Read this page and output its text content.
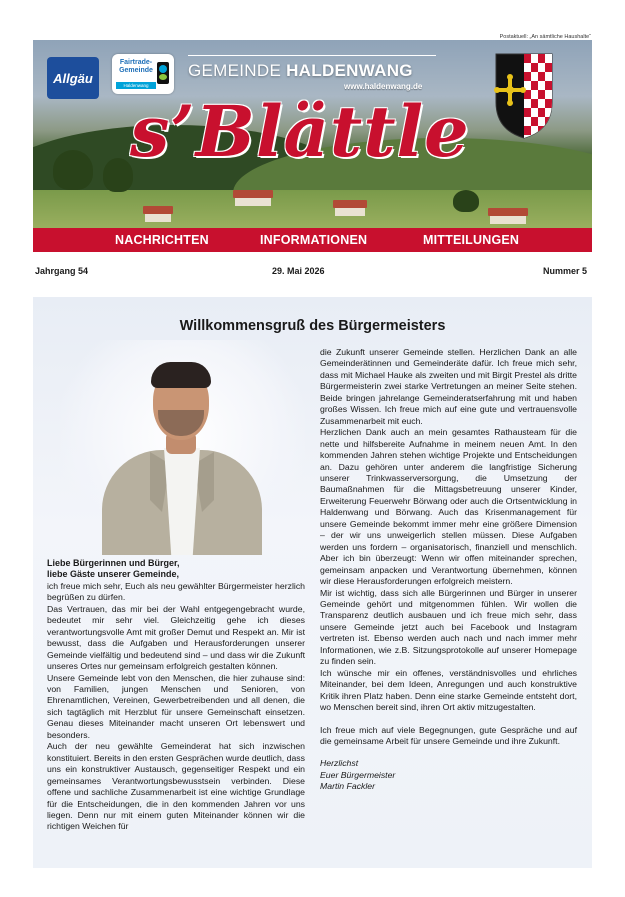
Postaktuell: „An sämtliche Haushalte“
Allgäu
Fairtrade-Gemeinde
Haldenwang
GEMEINDE HALDENWANG
www.haldenwang.de
s’Blättle
NACHRICHTEN	INFORMATIONEN	MITTEILUNGEN
Jahrgang 54	29. Mai 2026	Nummer 5
Willkommensgruß des Bürgermeisters

Liebe Bürgerinnen und Bürger,

liebe Gäste unserer Gemeinde,

ich freue mich sehr, Euch als neu gewählter Bürgermeister herzlich begrüßen zu dürfen.

Das Vertrauen, das mir bei der Wahl entgegengebracht wurde, bedeutet mir sehr viel. Gleichzeitig gehe ich dieses verantwortungsvolle Amt mit großer Demut und Respekt an. Mir ist bewusst, dass die Aufgaben und Herausforderungen unserer Gemeinde vielfältig und bedeutend sind – und dass wir die Zukunft unseres Ortes nur gemeinsam erfolgreich gestalten können.

Unsere Gemeinde lebt von den Menschen, die hier zuhause sind: von Familien, jungen Menschen und Senioren, von Ehrenamtlichen, Vereinen, Gewerbetreibenden und all denen, die sich tagtäglich mit Herzblut für unsere Gemeinschaft einsetzen. Genau dieses Miteinander macht unseren Ort lebenswert und besonders.

Auch der neu gewählte Gemeinderat hat sich inzwischen konstituiert. Bereits in den ersten Gesprächen wurde deutlich, dass uns ein konstruktiver Austausch, gegenseitiger Respekt und ein gemeinsames Verantwortungsbewusstsein verbinden. Diese offene und sachliche Zusammenarbeit ist eine wichtige Grundlage für die Entscheidungen, die in den kommenden Jahren vor uns liegen. Denn nur mit einem guten Miteinander können wir die richtigen Weichen für

die Zukunft unserer Gemeinde stellen. Herzlichen Dank an alle Gemeinderätinnen und Gemeinderäte dafür. Ich freue mich sehr, dass mit Michael Hauke als zweiten und mit Birgit Prestel als dritte Bürgermeisterin zwei starke Vertretungen an meiner Seite stehen. Beide bringen jahrelange Gemeinderatserfahrung mit und haben großes Wissen. Ich freue mich auf eine gute und vertrauensvolle Zusammenarbeit mit euch.

Herzlichen Dank auch an mein gesamtes Rathausteam für die nette und hilfsbereite Aufnahme in meinem neuen Amt. In den kommenden Jahren stehen wichtige Projekte und Entscheidungen an. Dazu gehören unter anderem die langfristige Sicherung unserer Trinkwasserversorgung, die Umsetzung der Baumaßnahmen für die Mittagsbetreuung unserer Kinder, Erweiterung Feuerwehr Börwang oder auch die Ortsentwicklung in Haldenwang und Börwang. Auch das Krisenmanagement für unsere Gemeinde bekommt immer mehr eine größere Dimension – der wir uns unweigerlich stellen müssen. Diese Aufgaben werden uns fordern – organisatorisch, finanziell und menschlich. Aber ich bin überzeugt: Wenn wir offen miteinander sprechen, gemeinsam anpacken und Verantwortung übernehmen, können wir diese Herausforderungen erfolgreich meistern.

Mir ist wichtig, dass sich alle Bürgerinnen und Bürger in unserer Gemeinde gehört und mitgenommen fühlen. Wir wollen die Transparenz deutlich ausbauen und ich freue mich sehr, dass unsere Gemeinde jetzt auch bei Facebook und Instagram vertreten ist. Ebenso werden auch nach und nach immer mehr Informationen, wie z.B. Sitzungsprotokolle auf unserer Homepage zu finden sein.

Ich wünsche mir ein offenes, verständnisvolles und ehrliches Miteinander, bei dem Ideen, Anregungen und auch konstruktive Kritik ihren Platz haben. Denn eine starke Gemeinde entsteht dort, wo Menschen bereit sind, ihren Ort aktiv mitzugestalten.

Ich freue mich auf viele Begegnungen, gute Gespräche und auf die gemeinsame Arbeit für unsere Gemeinde und ihre Zukunft.

Herzlichst

Euer Bürgermeister

Martin Fackler
